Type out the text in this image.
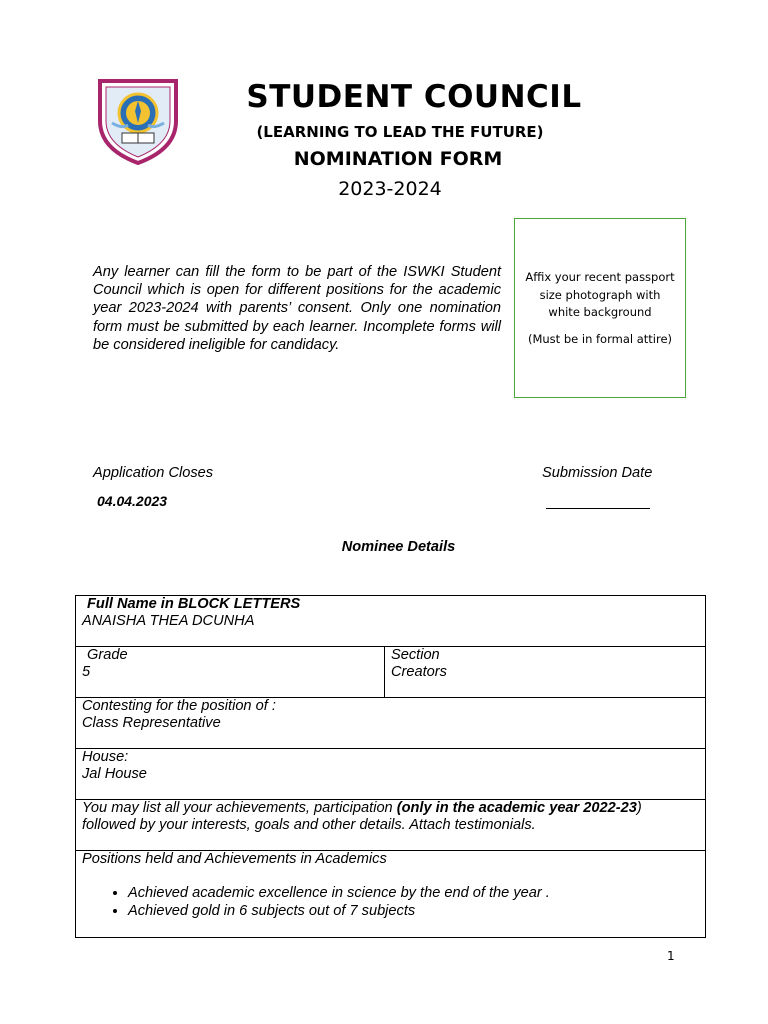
STUDENT COUNCIL
(LEARNING TO LEAD THE FUTURE)
NOMINATION FORM
2023-2024

Any learner can fill the form to be part of the ISWKI Student Council which is open for different positions for the academic year 2023-2024 with parents’ consent. Only one nomination form must be submitted by each learner. Incomplete forms will be considered ineligible for candidacy.

Affix your recent passport
size photograph with
white background
(Must be in formal attire)
Application Closes	Submission Date
04.04.2023
Nominee Details
Full Name in BLOCK LETTERS
ANAISHA THEA DCUNHA

Grade
5

Section
Creators

Contesting for the position of :
Class Representative

House:
Jal House

You may list all your achievements, participation (only in the academic year 2022-23)
followed by your interests, goals and other details. Attach testimonials.

Positions held and Achievements in Academics
• Achieved academic excellence in science by the end of the year .
• Achieved gold in 6 subjects out of 7 subjects
1
